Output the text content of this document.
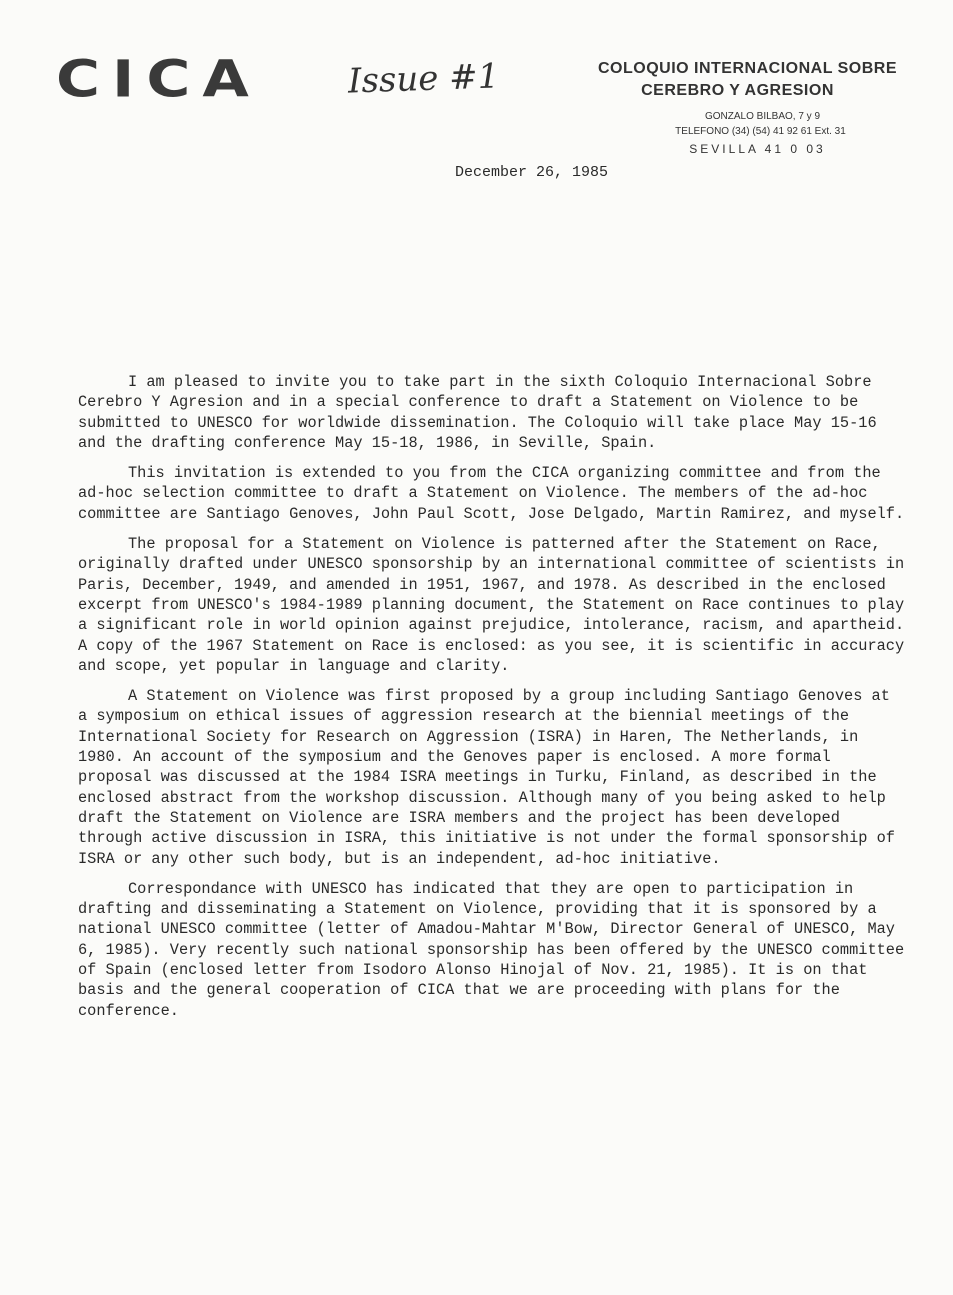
CICA	Issue #1	COLOQUIO INTERNACIONAL SOBRE
CEREBRO Y AGRESION
GONZALO BILBAO, 7 y 9
TELEFONO (34) (54) 41 92 61 Ext. 31
SEVILLA 41 0 03
December 26, 1985

I am pleased to invite you to take part in the sixth Coloquio Internacional Sobre Cerebro Y Agresion and in a special conference to draft a Statement on Violence to be submitted to UNESCO for worldwide dissemination. The Coloquio will take place May 15-16 and the drafting conference May 15-18, 1986, in Seville, Spain.

This invitation is extended to you from the CICA organizing committee and from the ad-hoc selection committee to draft a Statement on Violence. The members of the ad-hoc committee are Santiago Genoves, John Paul Scott, Jose Delgado, Martin Ramirez, and myself.

The proposal for a Statement on Violence is patterned after the Statement on Race, originally drafted under UNESCO sponsorship by an international committee of scientists in Paris, December, 1949, and amended in 1951, 1967, and 1978. As described in the enclosed excerpt from UNESCO's 1984-1989 planning document, the Statement on Race continues to play a significant role in world opinion against prejudice, intolerance, racism, and apartheid. A copy of the 1967 Statement on Race is enclosed: as you see, it is scientific in accuracy and scope, yet popular in language and clarity.

A Statement on Violence was first proposed by a group including Santiago Genoves at a symposium on ethical issues of aggression research at the biennial meetings of the International Society for Research on Aggression (ISRA) in Haren, The Netherlands, in 1980. An account of the symposium and the Genoves paper is enclosed. A more formal proposal was discussed at the 1984 ISRA meetings in Turku, Finland, as described in the enclosed abstract from the workshop discussion. Although many of you being asked to help draft the Statement on Violence are ISRA members and the project has been developed through active discussion in ISRA, this initiative is not under the formal sponsorship of ISRA or any other such body, but is an independent, ad-hoc initiative.

Correspondance with UNESCO has indicated that they are open to participation in drafting and disseminating a Statement on Violence, providing that it is sponsored by a national UNESCO committee (letter of Amadou-Mahtar M'Bow, Director General of UNESCO, May 6, 1985). Very recently such national sponsorship has been offered by the UNESCO committee of Spain (enclosed letter from Isodoro Alonso Hinojal of Nov. 21, 1985). It is on that basis and the general cooperation of CICA that we are proceeding with plans for the conference.
